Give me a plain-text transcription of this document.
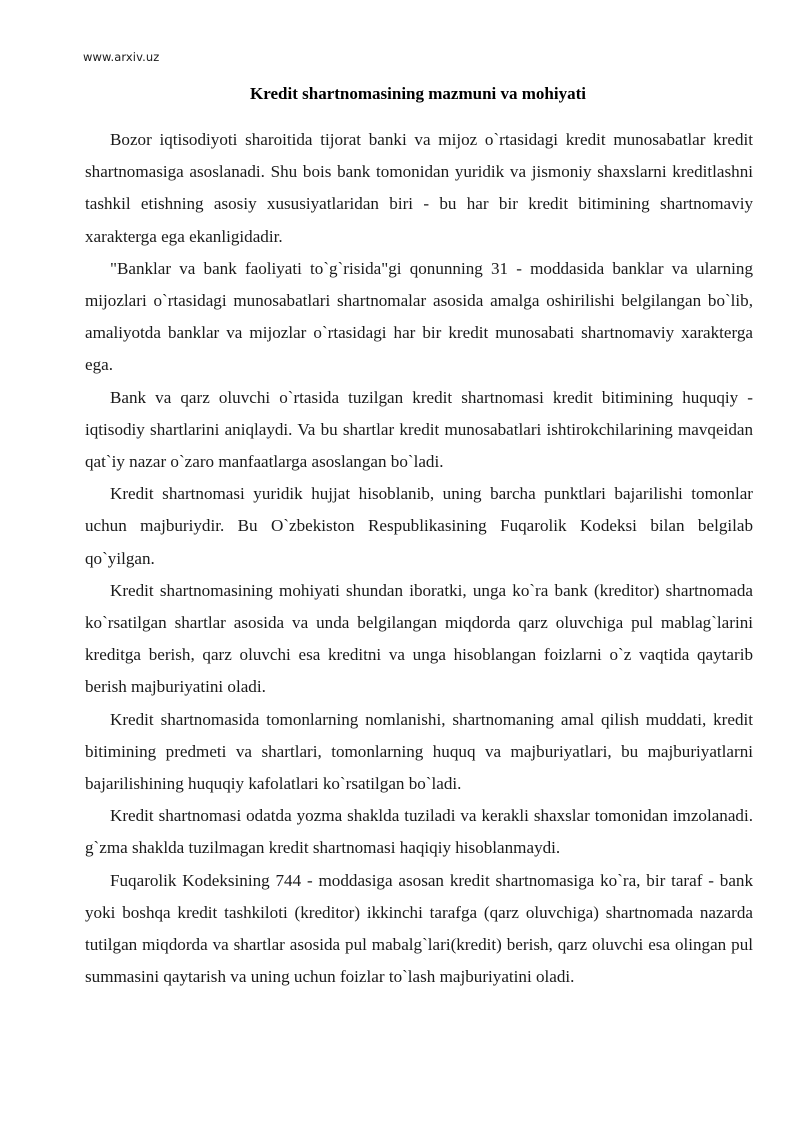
www.arxiv.uz
Kredit shartnomasining mazmuni va mohiyati

Bozor iqtisodiyoti sharoitida tijorat banki va mijoz o`rtasidagi kredit munosabatlar kredit shartnomasiga asoslanadi. Shu bois bank tomonidan yuridik va jismoniy shaxslarni kreditlashni tashkil etishning asosiy xususiyatlaridan biri - bu har bir kredit bitimining shartnomaviy xarakterga ega ekanligidadir.

"Banklar va bank faoliyati to`g`risida"gi qonunning 31 - moddasida banklar va ularning mijozlari o`rtasidagi munosabatlari shartnomalar asosida amalga oshirilishi belgilangan bo`lib, amaliyotda banklar va mijozlar o`rtasidagi har bir kredit munosabati shartnomaviy xarakterga ega.

Bank va qarz oluvchi o`rtasida tuzilgan kredit shartnomasi kredit bitimining huquqiy - iqtisodiy shartlarini aniqlaydi. Va bu shartlar kredit munosabatlari ishtirokchilarining mavqeidan qat`iy nazar o`zaro manfaatlarga asoslangan bo`ladi.

Kredit shartnomasi yuridik hujjat hisoblanib, uning barcha punktlari bajarilishi tomonlar uchun majburiydir. Bu O`zbekiston Respublikasining Fuqarolik Kodeksi bilan belgilab qo`yilgan.

Kredit shartnomasining mohiyati shundan iboratki, unga ko`ra bank (kreditor) shartnomada ko`rsatilgan shartlar asosida va unda belgilangan miqdorda qarz oluvchiga pul mablag`larini kreditga berish, qarz oluvchi esa kreditni va unga hisoblangan foizlarni o`z vaqtida qaytarib berish majburiyatini oladi.

Kredit shartnomasida tomonlarning nomlanishi, shartnomaning amal qilish muddati, kredit bitimining predmeti va shartlari, tomonlarning huquq va majburiyatlari, bu majburiyatlarni bajarilishining huquqiy kafolatlari ko`rsatilgan bo`ladi.

Kredit shartnomasi odatda yozma shaklda tuziladi va kerakli shaxslar tomonidan imzolanadi. g`zma shaklda tuzilmagan kredit shartnomasi haqiqiy hisoblanmaydi.

Fuqarolik Kodeksining 744 - moddasiga asosan kredit shartnomasiga ko`ra, bir taraf - bank yoki boshqa kredit tashkiloti (kreditor) ikkinchi tarafga (qarz oluvchiga) shartnomada nazarda tutilgan miqdorda va shartlar asosida pul mabalg`lari(kredit) berish, qarz oluvchi esa olingan pul summasini qaytarish va uning uchun foizlar to`lash majburiyatini oladi.
